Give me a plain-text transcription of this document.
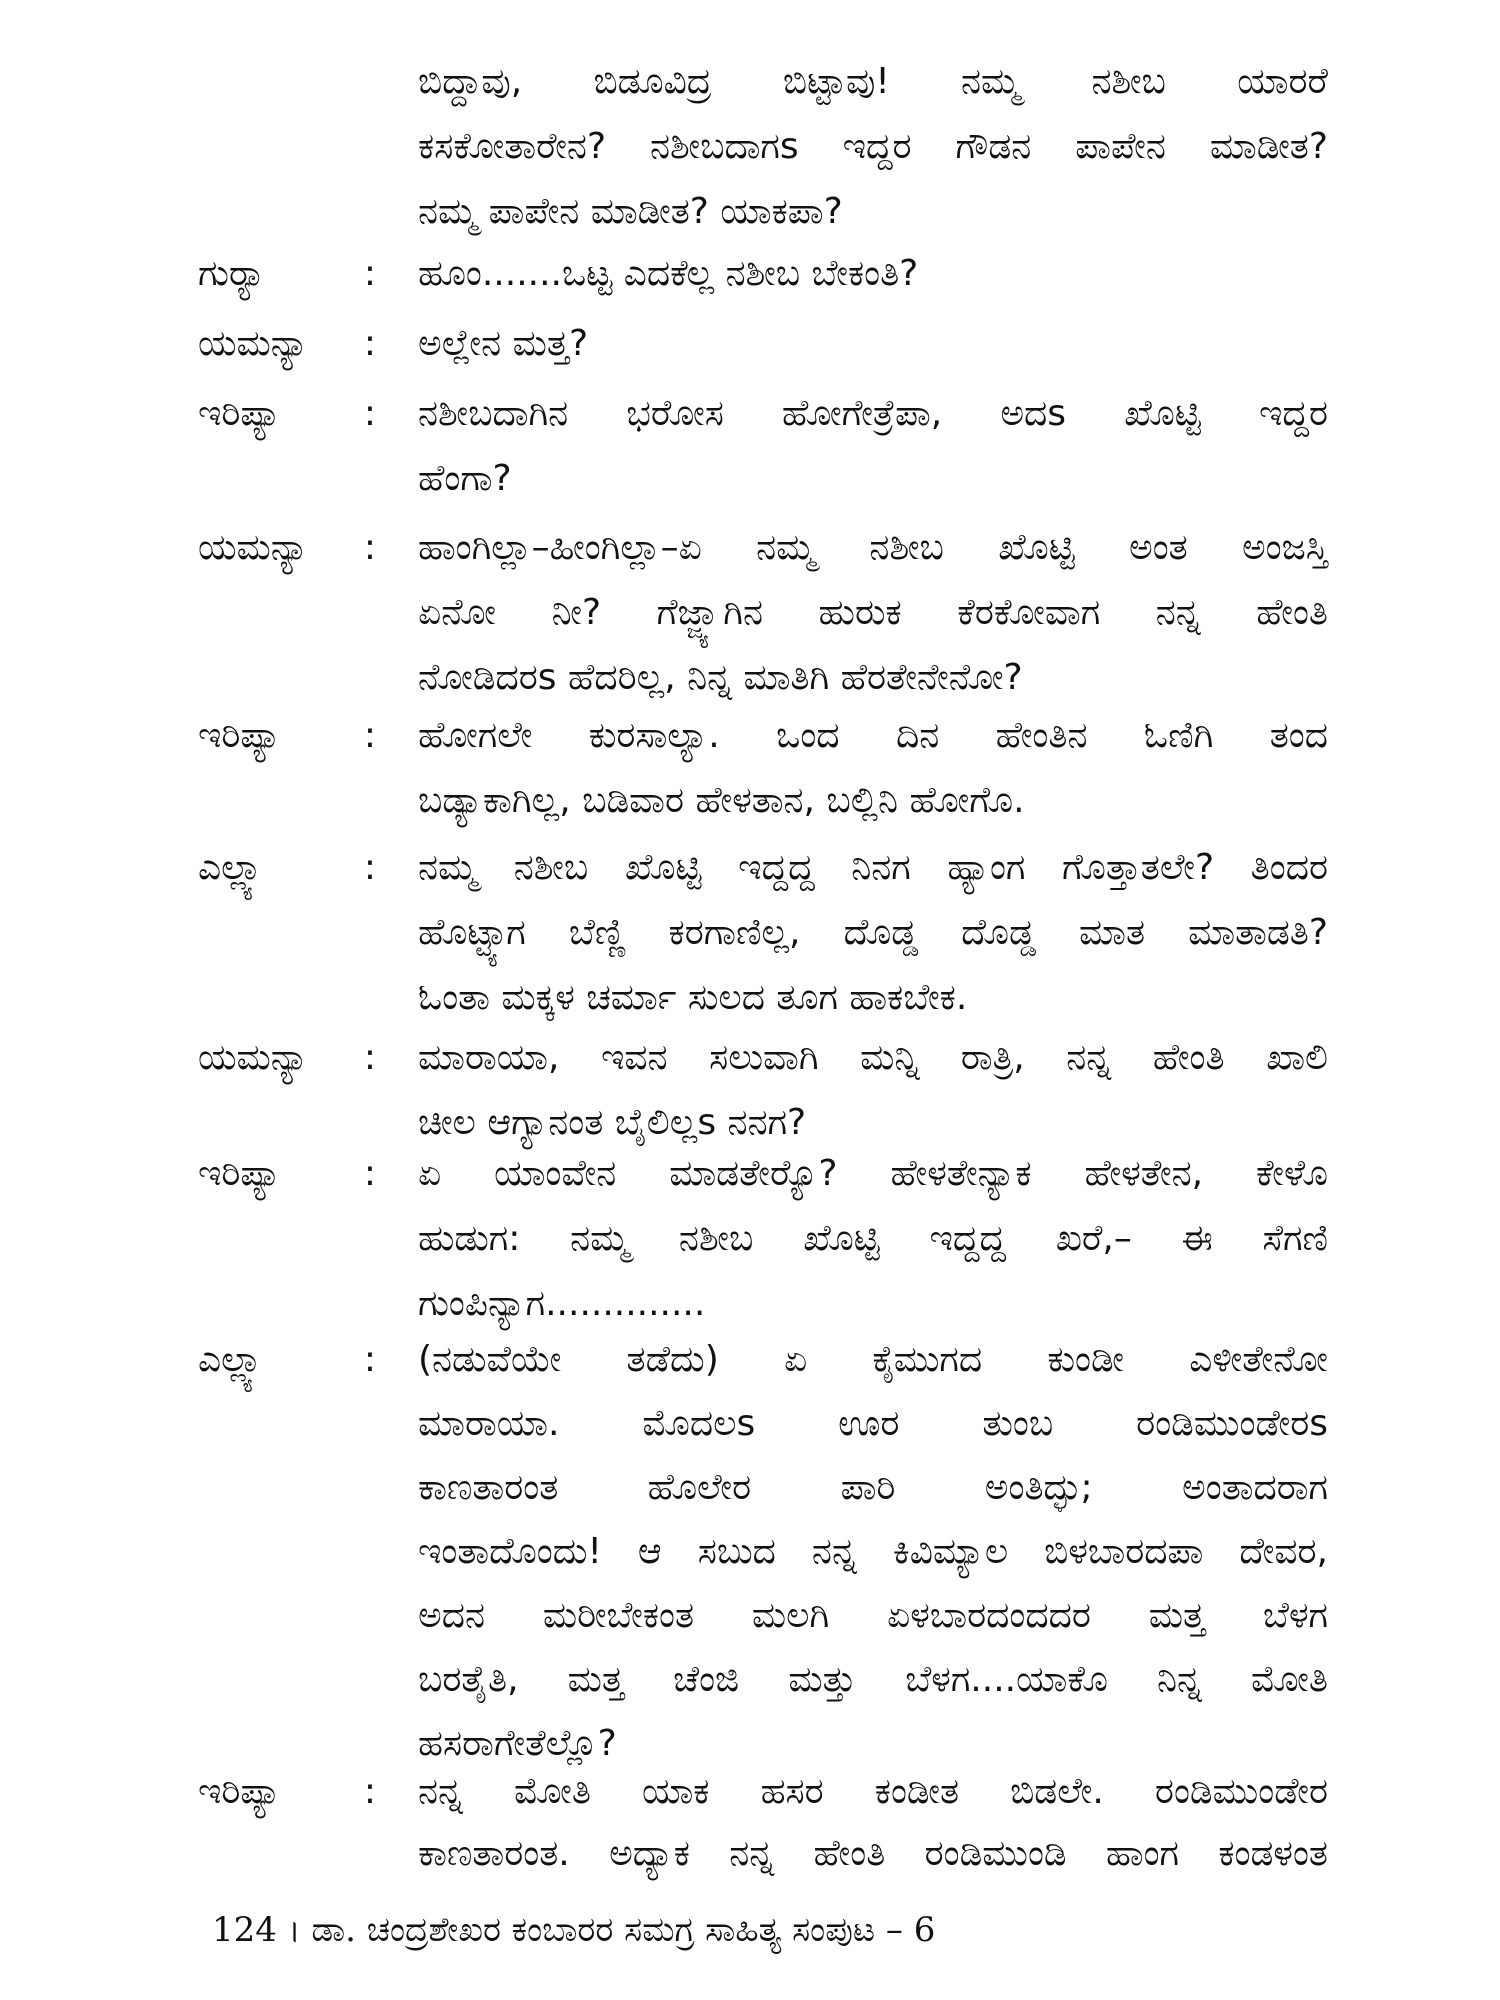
ಬಿದ್ದಾವು, ಬಿಡೂವಿದ್ರ ಬಿಟ್ಟಾವು! ನಮ್ಮ ನಶೀಬ ಯಾರರೆ
ಕಸಕೋತಾರೇನ? ನಶೀಬದಾಗs ಇದ್ದರ ಗೌಡನ ಪಾಪೇನ ಮಾಡೀತ?
ನಮ್ಮ ಪಾಪೇನ ಮಾಡೀತ? ಯಾಕಪಾ?
ಗುರ್‍ಯಾ	: ಹೂಂ.......ಒಟ್ಟ ಎದಕೆಲ್ಲ ನಶೀಬ ಬೇಕಂತಿ?
ಯಮನ್ಯಾ	: ಅಲ್ಲೇನ ಮತ್ತ?
ಇರಿಪ್ಯಾ	: ನಶೀಬದಾಗಿನ ಭರೋಸ ಹೋಗೇತ್ರೆಪಾ, ಅದs ಖೊಟ್ಟಿ ಇದ್ದರ
ಹೆಂಗಾ?
ಯಮನ್ಯಾ	: ಹಾಂಗಿಲ್ಲಾ–ಹೀಂಗಿಲ್ಲಾ–ಏ ನಮ್ಮ ನಶೀಬ ಖೊಟ್ಟಿ ಅಂತ ಅಂಜಸ್ತಿ
ಏನೋ ನೀ? ಗೆಜ್ಜ್ಯಾಗಿನ ಹುರುಕ ಕೆರಕೋವಾಗ ನನ್ನ ಹೇಂತಿ
ನೋಡಿದರs ಹೆದರಿಲ್ಲ, ನಿನ್ನ ಮಾತಿಗಿ ಹೆರತೇನೇನೋ?
ಇರಿಪ್ಯಾ	: ಹೋಗಲೇ ಕುರಸಾಲ್ಯಾ. ಒಂದ ದಿನ ಹೇಂತಿನ ಓಣಿಗಿ ತಂದ
ಬಡ್ಯಾಕಾಗಿಲ್ಲ, ಬಡಿವಾರ ಹೇಳತಾನ, ಬಲ್ಲಿನಿ ಹೋಗೊ.
ಎಲ್ಲ್ಯಾ	: ನಮ್ಮ ನಶೀಬ ಖೊಟ್ಟಿ ಇದ್ದದ್ದ ನಿನಗ ಹ್ಯಾಂಗ ಗೊತ್ತಾತಲೇ? ತಿಂದರ
ಹೊಟ್ಟ್ಯಾಗ ಬೆಣ್ಣಿ ಕರಗಾಣಿಲ್ಲ, ದೊಡ್ಡ ದೊಡ್ಡ ಮಾತ ಮಾತಾಡತಿ?
ಓಂತಾ ಮಕ್ಕಳ ಚರ್ಮಾ ಸುಲದ ತೂಗ ಹಾಕಬೇಕ.
ಯಮನ್ಯಾ	: ಮಾರಾಯಾ, ಇವನ ಸಲುವಾಗಿ ಮನ್ನಿ ರಾತ್ರಿ, ನನ್ನ ಹೇಂತಿ ಖಾಲಿ
ಚೀಲ ಆಗ್ಯಾನಂತ ಬೈಲಿಲ್ಲs ನನಗ?
ಇರಿಪ್ಯಾ	: ಏ ಯಾಂವೇನ ಮಾಡತೇರ್‍ಯೊ? ಹೇಳತೇನ್ಯಾಕ ಹೇಳತೇನ, ಕೇಳೊ
ಹುಡುಗ: ನಮ್ಮ ನಶೀಬ ಖೊಟ್ಟಿ ಇದ್ದದ್ದ ಖರೆ,– ಈ ಸೆಗಣಿ
ಗುಂಪಿನ್ಯಾಗ..............
ಎಲ್ಲ್ಯಾ	: (ನಡುವೆಯೇ ತಡೆದು) ಏ ಕೈಮುಗದ ಕುಂಡೀ ಎಳೀತೇನೋ
ಮಾರಾಯಾ. ಮೊದಲs ಊರ ತುಂಬ ರಂಡಿಮುಂಡೇರs
ಕಾಣತಾರಂತ ಹೊಲೇರ ಪಾರಿ ಅಂತಿದ್ಳು; ಅಂತಾದರಾಗ
ಇಂತಾದೊಂದು! ಆ ಸಬುದ ನನ್ನ ಕಿವಿಮ್ಯಾಲ ಬಿಳಬಾರದಪಾ ದೇವರ,
ಅದನ ಮರೀಬೇಕಂತ ಮಲಗಿ ಏಳಬಾರದಂದದರ ಮತ್ತ ಬೆಳಗ
ಬರತೈತಿ, ಮತ್ತ ಚೆಂಜಿ ಮತ್ತು ಬೆಳಗ....ಯಾಕೊ ನಿನ್ನ ಮೋತಿ
ಹಸರಾಗೇತೆಲ್ಲೊ?
ಇರಿಪ್ಯಾ	: ನನ್ನ ಮೋತಿ ಯಾಕ ಹಸರ ಕಂಡೀತ ಬಿಡಲೇ. ರಂಡಿಮುಂಡೇರ
ಕಾಣತಾರಂತ. ಅದ್ಯಾಕ ನನ್ನ ಹೇಂತಿ ರಂಡಿಮುಂಡಿ ಹಾಂಗ ಕಂಡಳಂತ
124 । ಡಾ. ಚಂದ್ರಶೇಖರ ಕಂಬಾರರ ಸಮಗ್ರ ಸಾಹಿತ್ಯ ಸಂಪುಟ – 6
